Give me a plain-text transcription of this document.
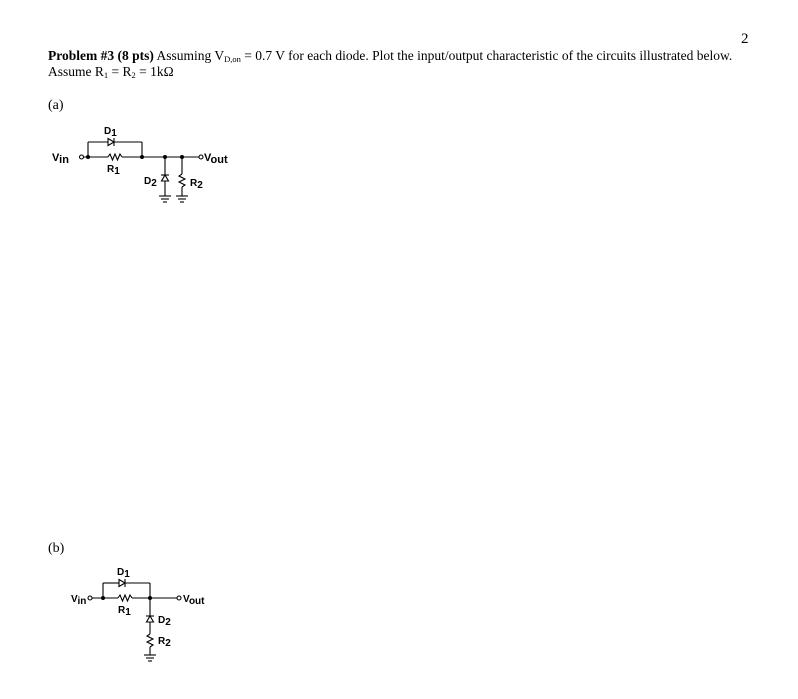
2
Problem #3 (8 pts) Assuming $V_{D,on} = 0.7$ V for each diode. Plot the input/output characteristic of the circuits illustrated below. Assume $R_1 = R_2 = 1k\Omega$
(a)
Vin	Vout
D1
R1
D2	R2
(b)
Vin	Vout
D1
R1
D2
R2
